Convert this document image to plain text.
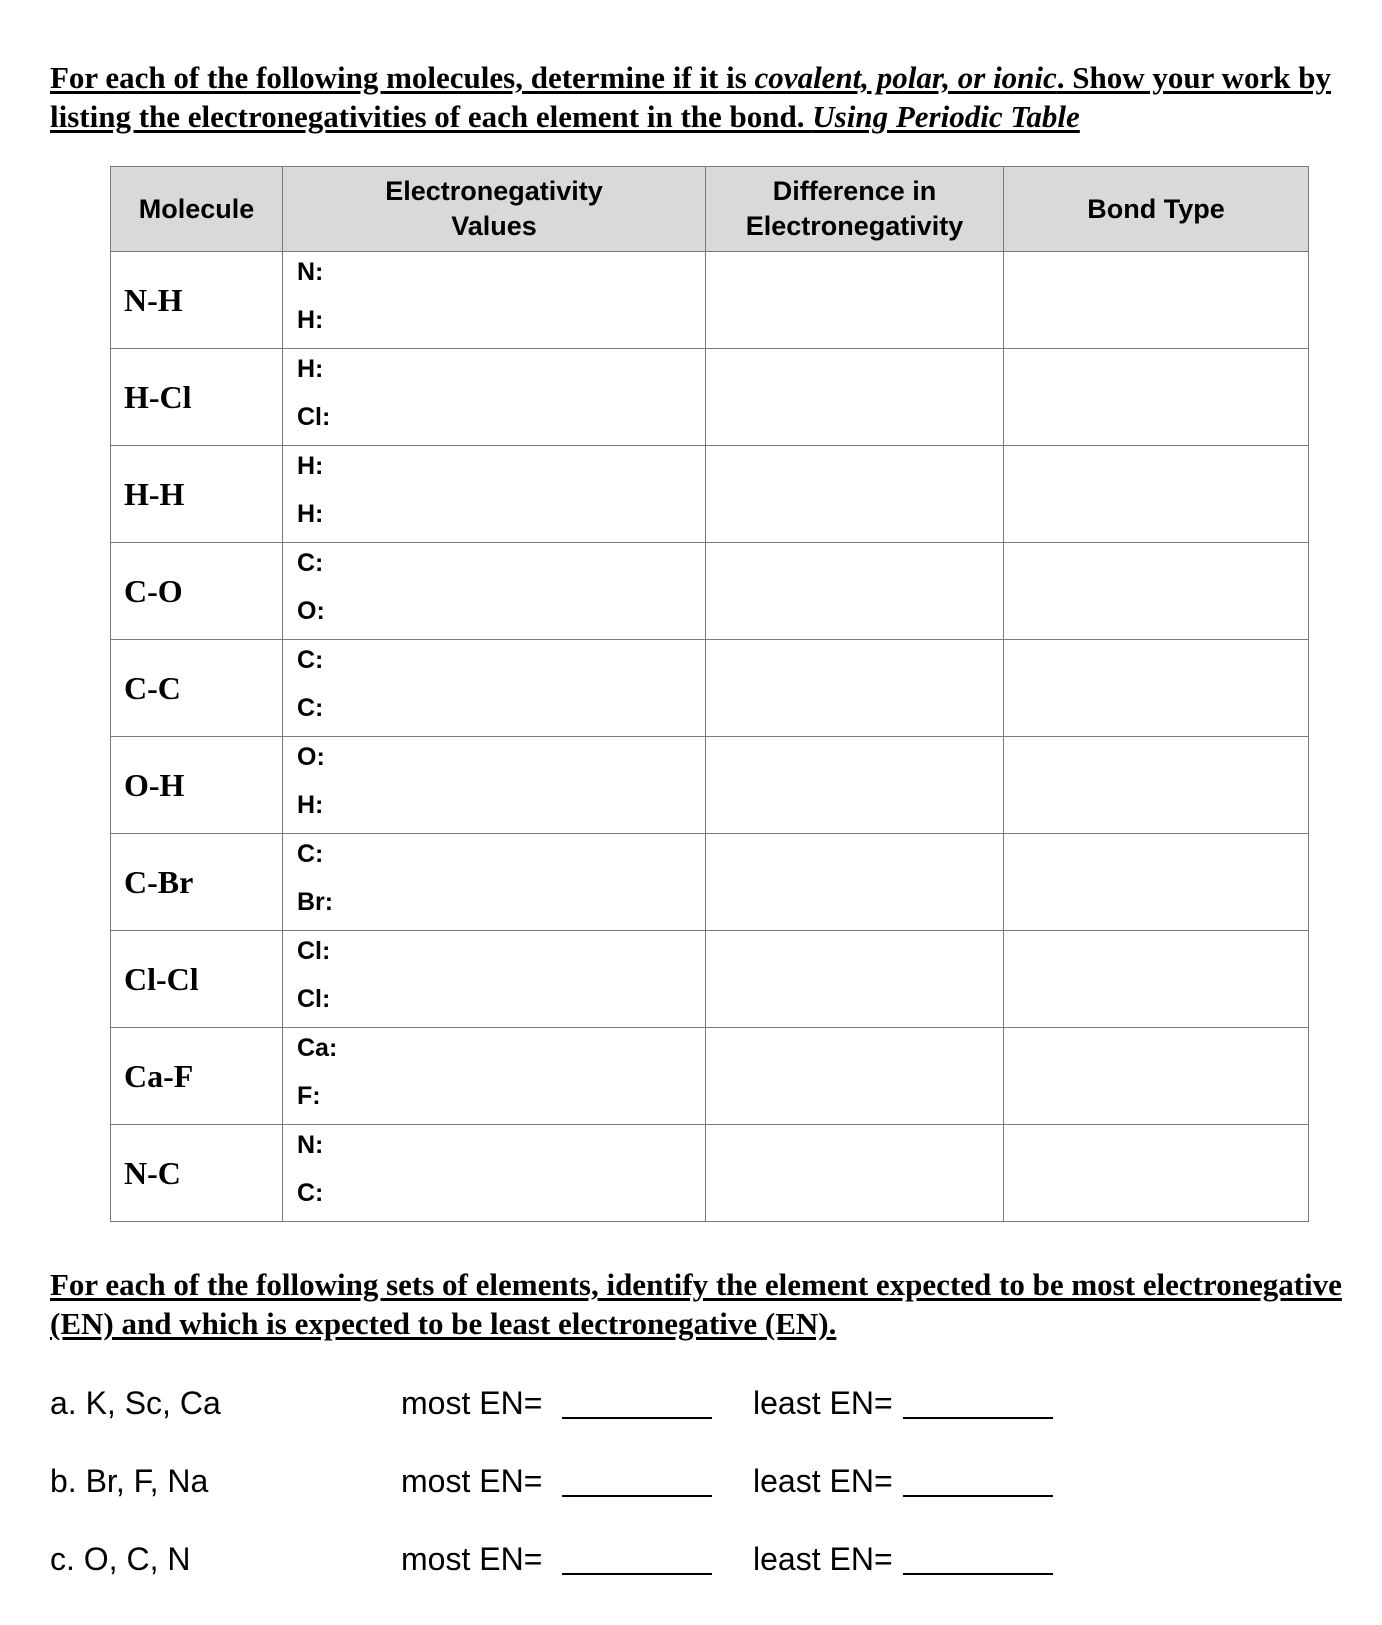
For each of the following molecules, determine if it is covalent, polar, or ionic. Show your work by listing the electronegativities of each element in the bond. Using Periodic Table
Molecule	Electronegativity Values	Difference in Electronegativity	Bond Type
N-H	N:
H:		

H-Cl	H:
Cl:		

H-H	H:
H:		

C-O	C:
O:		

C-C	C:
C:		

O-H	O:
H:		

C-Br	C:
Br:		

Cl-Cl	Cl:
Cl:		

Ca-F	Ca:
F:		

N-C	N:
C:		

For each of the following sets of elements, identify the element expected to be most electronegative (EN) and which is expected to be least electronegative (EN).
a. K, Sc, Ca	most EN=	least EN=
b. Br, F, Na	most EN=	least EN=
c. O, C, N	most EN=	least EN=
